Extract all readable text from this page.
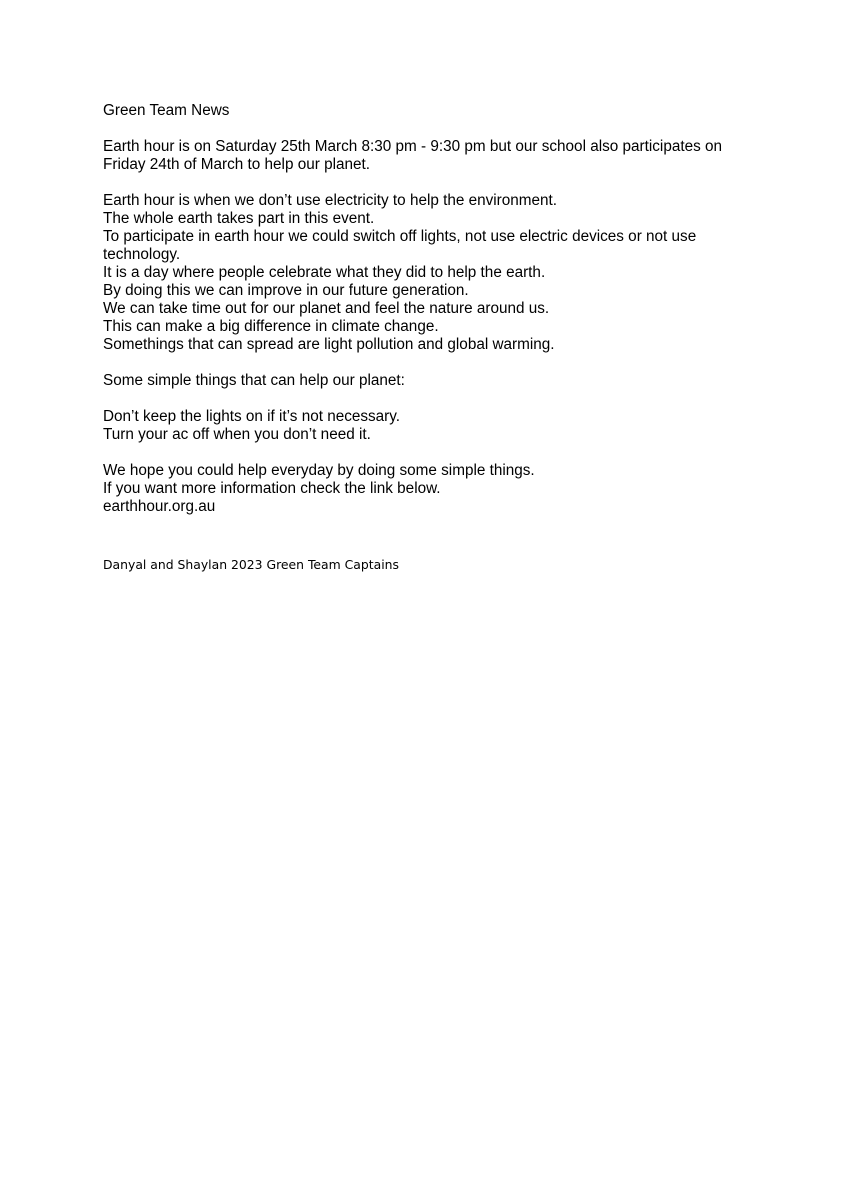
Green Team News

Earth hour is on Saturday 25th March 8:30 pm - 9:30 pm but our school also participates on
Friday 24th of March to help our planet.

Earth hour is when we don’t use electricity to help the environment.
The whole earth takes part in this event.
To participate in earth hour we could switch off lights, not use electric devices or not use
technology.
It is a day where people celebrate what they did to help the earth.
By doing this we can improve in our future generation.
We can take time out for our planet and feel the nature around us.
This can make a big difference in climate change.
Somethings that can spread are light pollution and global warming.

Some simple things that can help our planet:

Don’t keep the lights on if it’s not necessary.
Turn your ac off when you don’t need it.

We hope you could help everyday by doing some simple things.
If you want more information check the link below.
earthhour.org.au

Danyal and Shaylan 2023 Green Team Captains
